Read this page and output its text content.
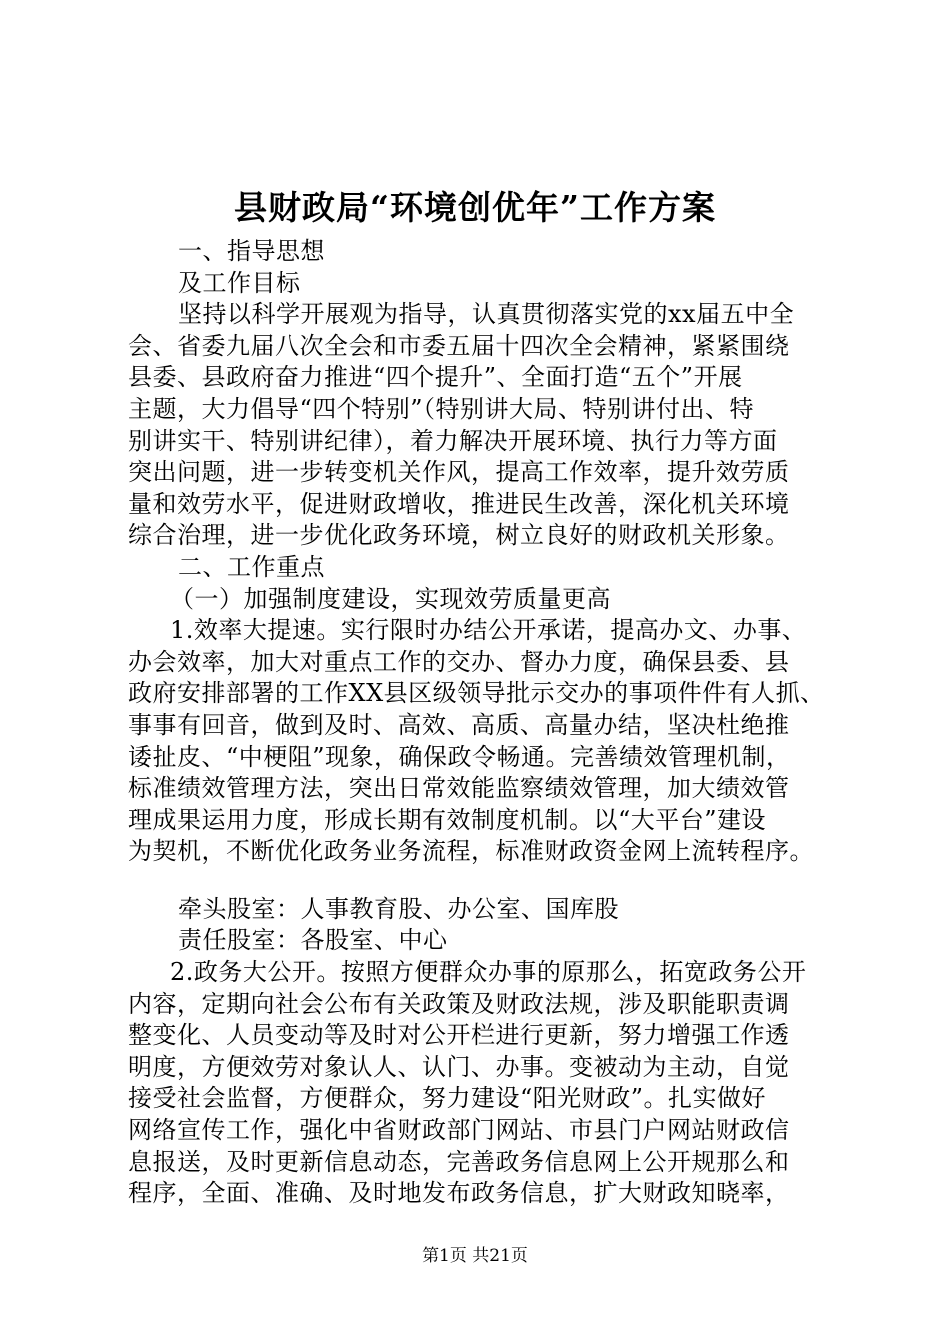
县财政局“环境创优年”工作方案
一、指导思想
及工作目标
坚持以科学开展观为指导，认真贯彻落实党的xx届五中全
会、省委九届八次全会和市委五届十四次全会精神，紧紧围绕
县委、县政府奋力推进“四个提升”、全面打造“五个”开展
主题，大力倡导“四个特别”（特别讲大局、特别讲付出、特
别讲实干、特别讲纪律），着力解决开展环境、执行力等方面
突出问题，进一步转变机关作风，提高工作效率，提升效劳质
量和效劳水平，促进财政增收，推进民生改善，深化机关环境
综合治理，进一步优化政务环境，树立良好的财政机关形象。
二、工作重点
（一）加强制度建设，实现效劳质量更高
1.效率大提速。实行限时办结公开承诺，提高办文、办事、
办会效率，加大对重点工作的交办、督办力度，确保县委、县
政府安排部署的工作XX县区级领导批示交办的事项件件有人抓、
事事有回音，做到及时、高效、高质、高量办结，坚决杜绝推
诿扯皮、“中梗阻”现象，确保政令畅通。完善绩效管理机制，
标准绩效管理方法，突出日常效能监察绩效管理，加大绩效管
理成果运用力度，形成长期有效制度机制。以“大平台”建设
为契机，不断优化政务业务流程，标准财政资金网上流转程序。
牵头股室：人事教育股、办公室、国库股
责任股室：各股室、中心
2.政务大公开。按照方便群众办事的原那么，拓宽政务公开
内容，定期向社会公布有关政策及财政法规，涉及职能职责调
整变化、人员变动等及时对公开栏进行更新，努力增强工作透
明度，方便效劳对象认人、认门、办事。变被动为主动，自觉
接受社会监督，方便群众，努力建设“阳光财政”。扎实做好
网络宣传工作，强化中省财政部门网站、市县门户网站财政信
息报送，及时更新信息动态，完善政务信息网上公开规那么和
程序，全面、准确、及时地发布政务信息，扩大财政知晓率，
第1页 共21页
